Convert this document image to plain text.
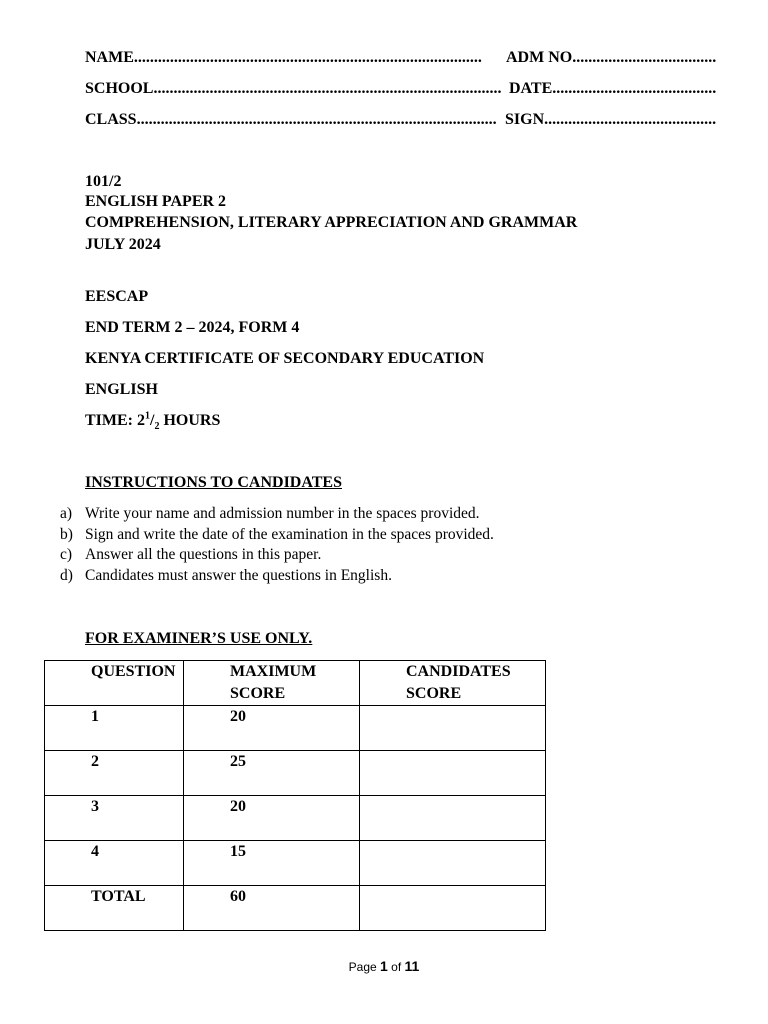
NAME....................................................................................... ADM NO....................................
SCHOOL....................................................................................... DATE.........................................
CLASS.......................................................................................... SIGN...........................................
101/2
ENGLISH PAPER 2
COMPREHENSION, LITERARY APPRECIATION AND GRAMMAR
JULY 2024
EESCAP
END TERM 2 – 2024, FORM 4
KENYA CERTIFICATE OF SECONDARY EDUCATION
ENGLISH
TIME: $2^1/_2$ HOURS
INSTRUCTIONS TO CANDIDATES
a) Write your name and admission number in the spaces provided.
b) Sign and write the date of the examination in the spaces provided.
c) Answer all the questions in this paper.
d) Candidates must answer the questions in English.
FOR EXAMINER’S USE ONLY.
QUESTION	MAXIMUM SCORE	CANDIDATES SCORE
1	20	
2	25	
3	20	
4	15	
TOTAL	60	
Page 1 of 11
